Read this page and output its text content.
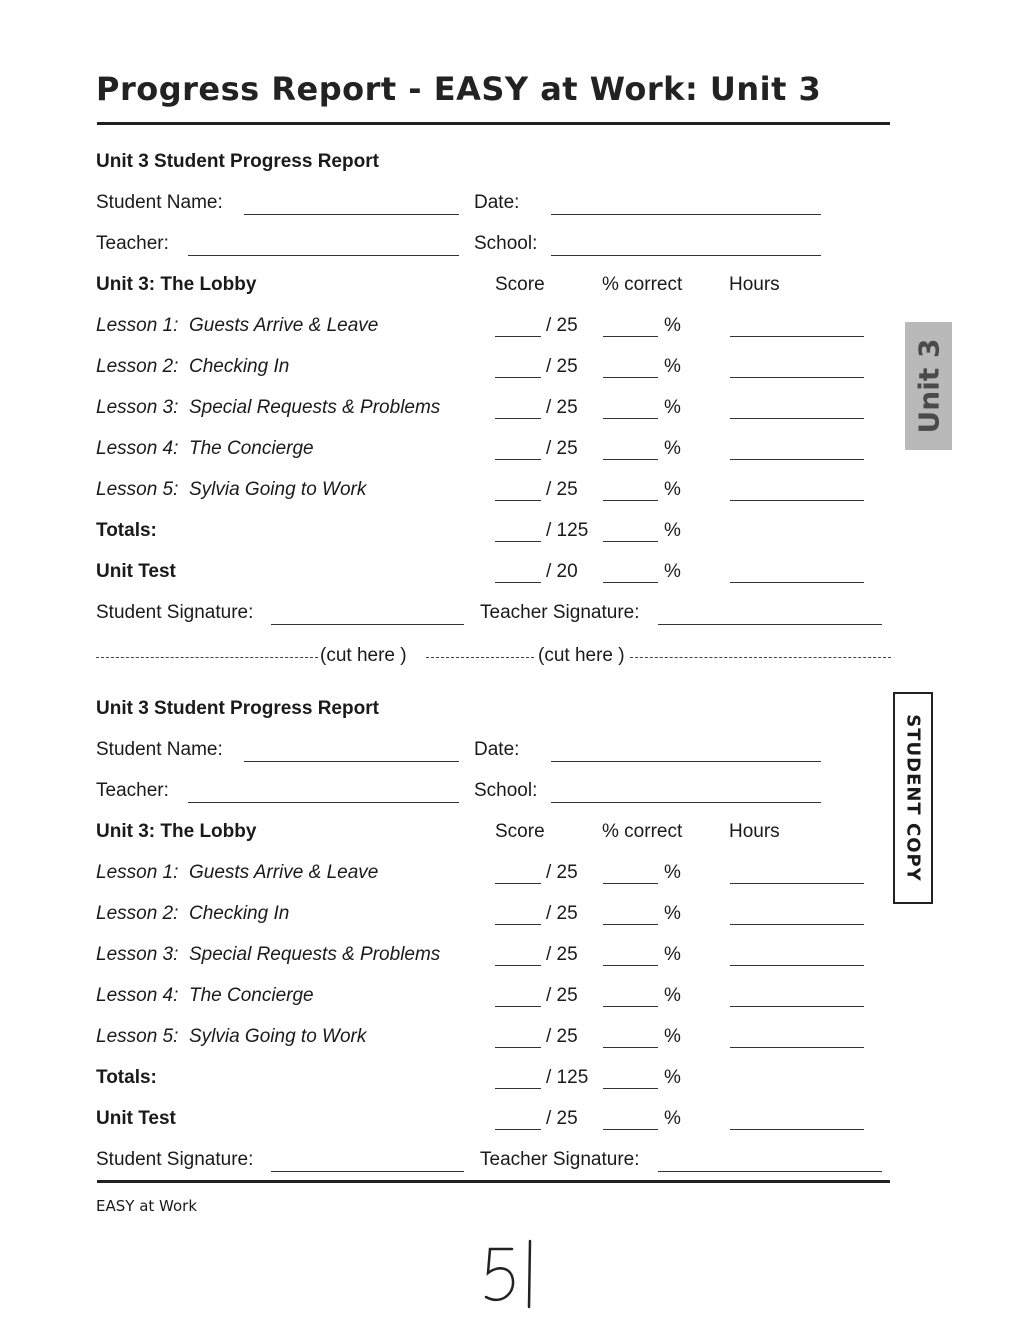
Progress Report - EASY at Work: Unit 3
Unit 3
STUDENT COPY
(cut here )	(cut here )
EASY at Work
Unit 3 Student Progress Report
Student Name:	Date:
Teacher:	School:
Unit 3: The Lobby	Score	% correct Hours
Lesson 1: Guests Arrive & Leave	/ 25	%
Lesson 2: Checking In	/ 25	%
Lesson 3: Special Requests & Problems	/ 25	%
Lesson 4: The Concierge	/ 25	%
Lesson 5: Sylvia Going to Work	/ 25	%
Totals:	/ 125	%
Unit Test	/ 20	%
Student Signature:	Teacher Signature:
Unit 3 Student Progress Report
Student Name:	Date:
Teacher:	School:
Unit 3: The Lobby	Score	% correct Hours
Lesson 1: Guests Arrive & Leave	/ 25	%
Lesson 2: Checking In	/ 25	%
Lesson 3: Special Requests & Problems	/ 25	%
Lesson 4: The Concierge	/ 25	%
Lesson 5: Sylvia Going to Work	/ 25	%
Totals:	/ 125	%
Unit Test	/ 25	%
Student Signature:	Teacher Signature:
